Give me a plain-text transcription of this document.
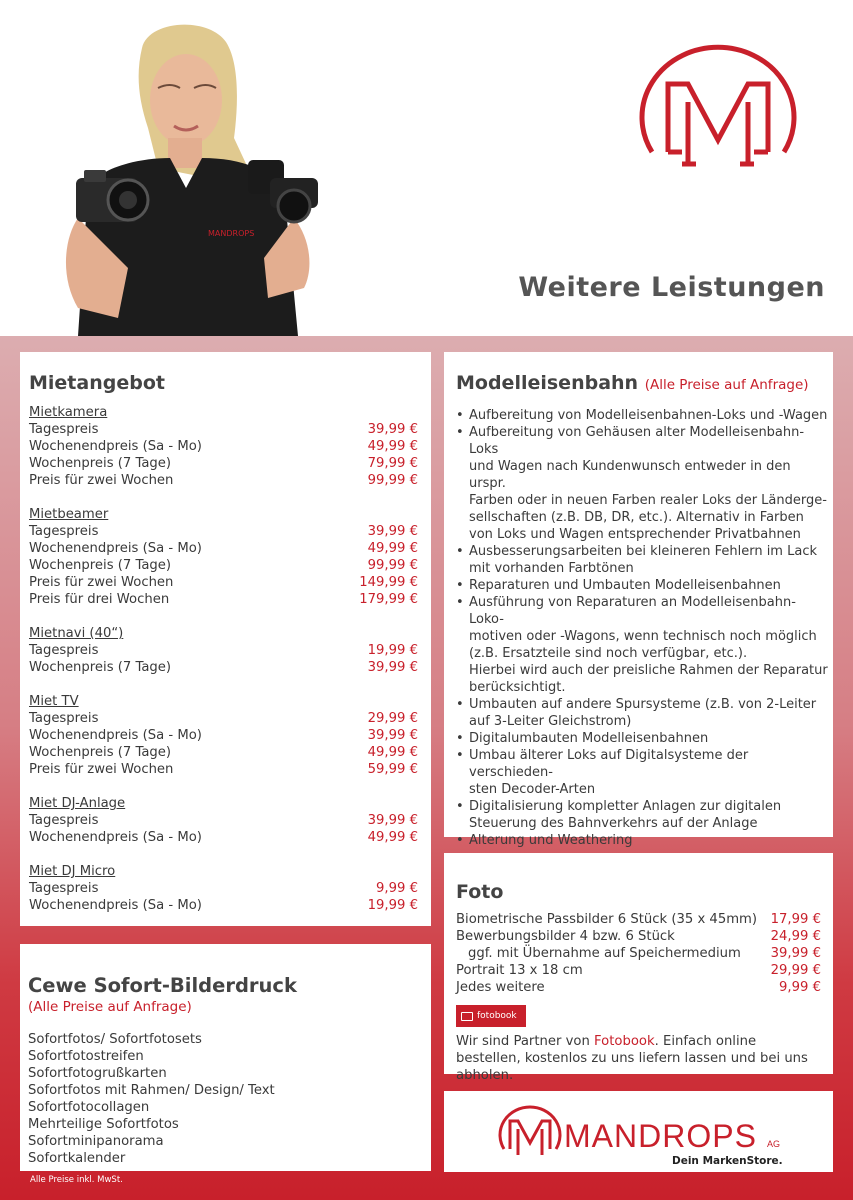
MANDROPS
Weitere Leistungen
Mietangebot
Mietkamera
Tagespreis	39,99 €
Wochenendpreis (Sa - Mo)	49,99 €
Wochenpreis (7 Tage)	79,99 €
Preis für zwei Wochen	99,99 €
Mietbeamer
Tagespreis	39,99 €
Wochenendpreis (Sa - Mo)	49,99 €
Wochenpreis (7 Tage)	99,99 €
Preis für zwei Wochen	149,99 €
Preis für drei Wochen	179,99 €
Mietnavi (40“)
Tagespreis	19,99 €
Wochenpreis (7 Tage)	39,99 €
Miet TV
Tagespreis	29,99 €
Wochenendpreis (Sa - Mo)	39,99 €
Wochenpreis (7 Tage)	49,99 €
Preis für zwei Wochen	59,99 €
Miet DJ-Anlage
Tagespreis	39,99 €
Wochenendpreis (Sa - Mo)	49,99 €
Miet DJ Micro
Tagespreis	9,99 €
Wochenendpreis (Sa - Mo)	19,99 €
Modelleisenbahn (Alle Preise auf Anfrage)
• Aufbereitung von Modelleisenbahnen-Loks und -Wagen
• Aufbereitung von Gehäusen alter Modelleisenbahn-Loks
und Wagen nach Kundenwunsch entweder in den urspr.
Farben oder in neuen Farben realer Loks der Länderge-
sellschaften (z.B. DB, DR, etc.). Alternativ in Farben
von Loks und Wagen entsprechender Privatbahnen
• Ausbesserungsarbeiten bei kleineren Fehlern im Lack
mit vorhanden Farbtönen
• Reparaturen und Umbauten Modelleisenbahnen
• Ausführung von Reparaturen an Modelleisenbahn-Loko-
motiven oder -Wagons, wenn technisch noch möglich
(z.B. Ersatzteile sind noch verfügbar, etc.).
Hierbei wird auch der preisliche Rahmen der Reparatur
berücksichtigt.
• Umbauten auf andere Spursysteme (z.B. von 2-Leiter
auf 3-Leiter Gleichstrom)
• Digitalumbauten Modelleisenbahnen
• Umbau älterer Loks auf Digitalsysteme der verschieden-
sten Decoder-Arten
• Digitalisierung kompletter Anlagen zur digitalen
Steuerung des Bahnverkehrs auf der Anlage
• Alterung und Weathering
Foto
Biometrische Passbilder 6 Stück (35 x 45mm) 17,99 €
Bewerbungsbilder 4 bzw. 6 Stück	24,99 €
ggf. mit Übernahme auf Speichermedium 39,99 €
Portrait 13 x 18 cm	29,99 €
Jedes weitere	9,99 €
fotobook

Wir sind Partner von Fotobook. Einfach online bestellen, kostenlos zu uns liefern lassen und bei uns abholen.

Cewe Sofort-Bilderdruck
(Alle Preise auf Anfrage)
Sofortfotos/ Sofortfotosets
Sofortfotostreifen
Sofortfotogrußkarten
Sofortfotos mit Rahmen/ Design/ Text
Sofortfotocollagen
Mehrteilige Sofortfotos
Sofortminipanorama
Sofortkalender
MANDROPS AG
Dein MarkenStore.
Alle Preise inkl. MwSt.
